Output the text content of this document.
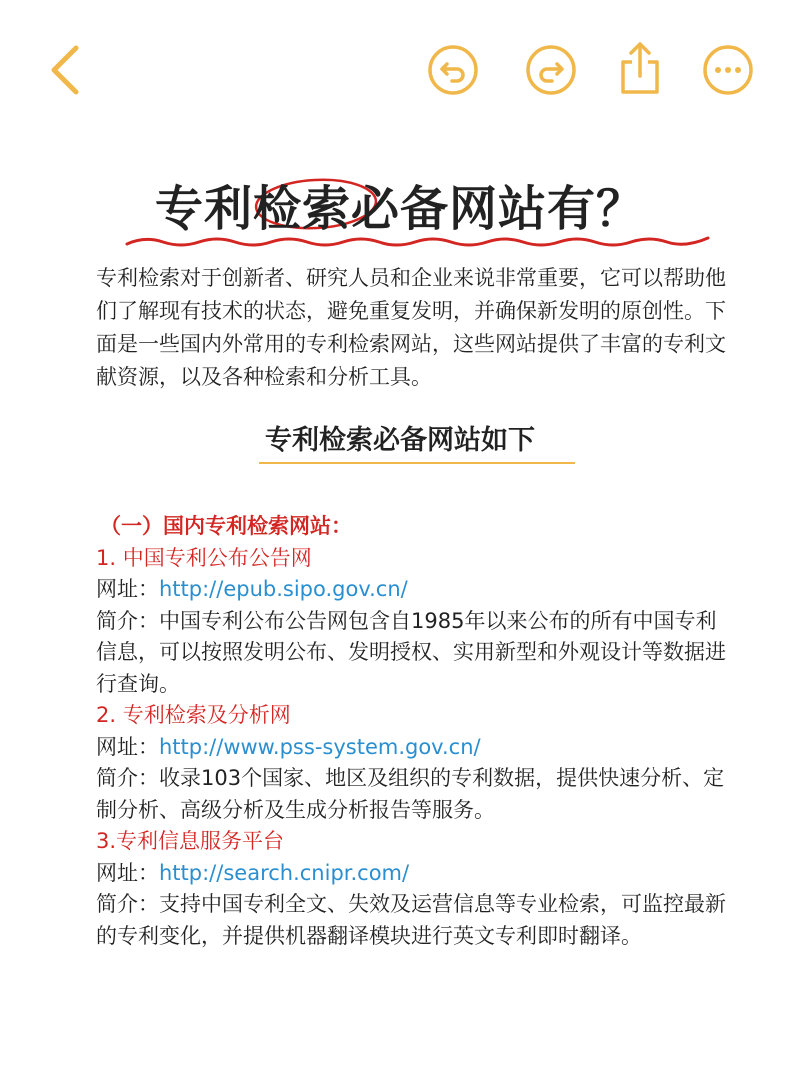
专利检索必备网站有？

专利检索对于创新者、研究人员和企业来说非常重要，它可以帮助他们了解现有技术的状态，避免重复发明，并确保新发明的原创性。下面是一些国内外常用的专利检索网站，这些网站提供了丰富的专利文献资源，以及各种检索和分析工具。

专利检索必备网站如下
（一）国内专利检索网站：
1. 中国专利公布公告网
网址：http://epub.sipo.gov.cn/
简介：中国专利公布公告网包含自1985年以来公布的所有中国专利信息，可以按照发明公布、发明授权、实用新型和外观设计等数据进行查询。
2. 专利检索及分析网
网址：http://www.pss-system.gov.cn/
简介：收录103个国家、地区及组织的专利数据，提供快速分析、定制分析、高级分析及生成分析报告等服务。
3.专利信息服务平台
网址：http://search.cnipr.com/
简介：支持中国专利全文、失效及运营信息等专业检索，可监控最新的专利变化，并提供机器翻译模块进行英文专利即时翻译。
